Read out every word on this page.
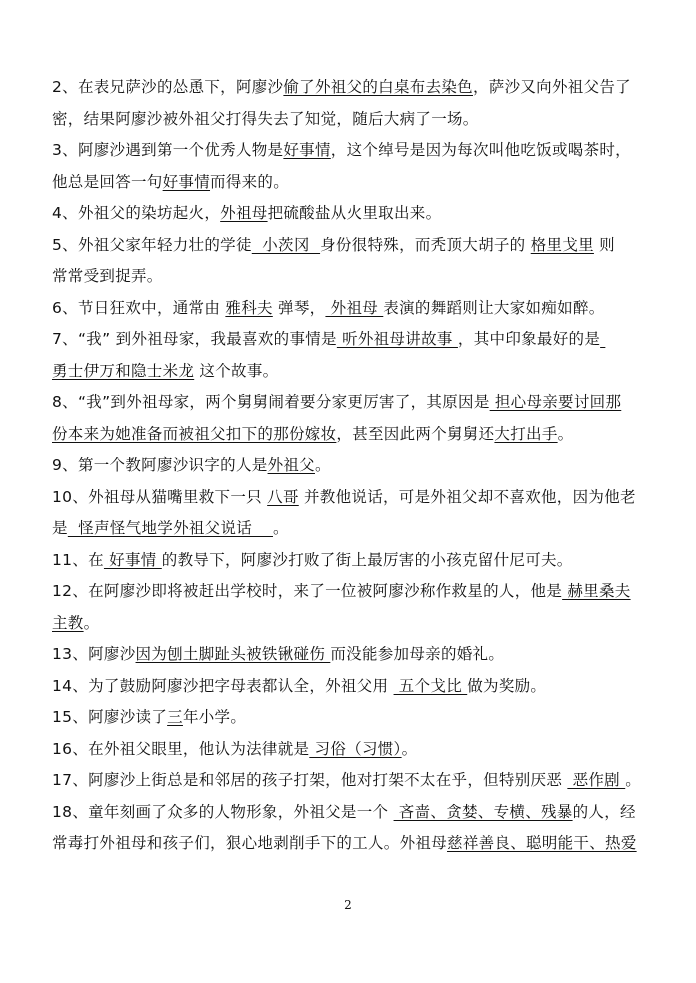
2、在表兄萨沙的怂恿下，阿廖沙偷了外祖父的白桌布去染色，萨沙又向外祖父告了
密，结果阿廖沙被外祖父打得失去了知觉，随后大病了一场。
3、阿廖沙遇到第一个优秀人物是好事情，这个绰号是因为每次叫他吃饭或喝茶时，
他总是回答一句好事情而得来的。
4、外祖父的染坊起火，外祖母把硫酸盐从火里取出来。
5、外祖父家年轻力壮的学徒  小茨冈  身份很特殊，而秃顶大胡子的 格里戈里 则
常常受到捉弄。
6、节日狂欢中，通常由 雅科夫 弹琴， 外祖母 表演的舞蹈则让大家如痴如醉。
7、“我” 到外祖母家，我最喜欢的事情是 听外祖母讲故事 ，其中印象最好的是
勇士伊万和隐士米龙 这个故事。
8、“我”到外祖母家，两个舅舅闹着要分家更厉害了，其原因是 担心母亲要讨回那
份本来为她准备而被祖父扣下的那份嫁妆，甚至因此两个舅舅还大打出手。
9、第一个教阿廖沙识字的人是外祖父。
10、外祖母从猫嘴里救下一只 八哥 并教他说话，可是外祖父却不喜欢他，因为他老
是  怪声怪气地学外祖父说话    。
11、在 好事情 的教导下，阿廖沙打败了街上最厉害的小孩克留什尼可夫。
12、在阿廖沙即将被赶出学校时，来了一位被阿廖沙称作救星的人，他是 赫里桑夫
主教。
13、阿廖沙因为刨土脚趾头被铁锹碰伤 而没能参加母亲的婚礼。
14、为了鼓励阿廖沙把字母表都认全，外祖父用  五个戈比 做为奖励。
15、阿廖沙读了三年小学。
16、在外祖父眼里，他认为法律就是 习俗（习惯）。
17、阿廖沙上街总是和邻居的孩子打架，他对打架不太在乎，但特别厌恶  恶作剧 。
18、童年刻画了众多的人物形象，外祖父是一个  吝啬、贪婪、专横、残暴的人，经
常毒打外祖母和孩子们，狠心地剥削手下的工人。外祖母慈祥善良、聪明能干、热爱
2
